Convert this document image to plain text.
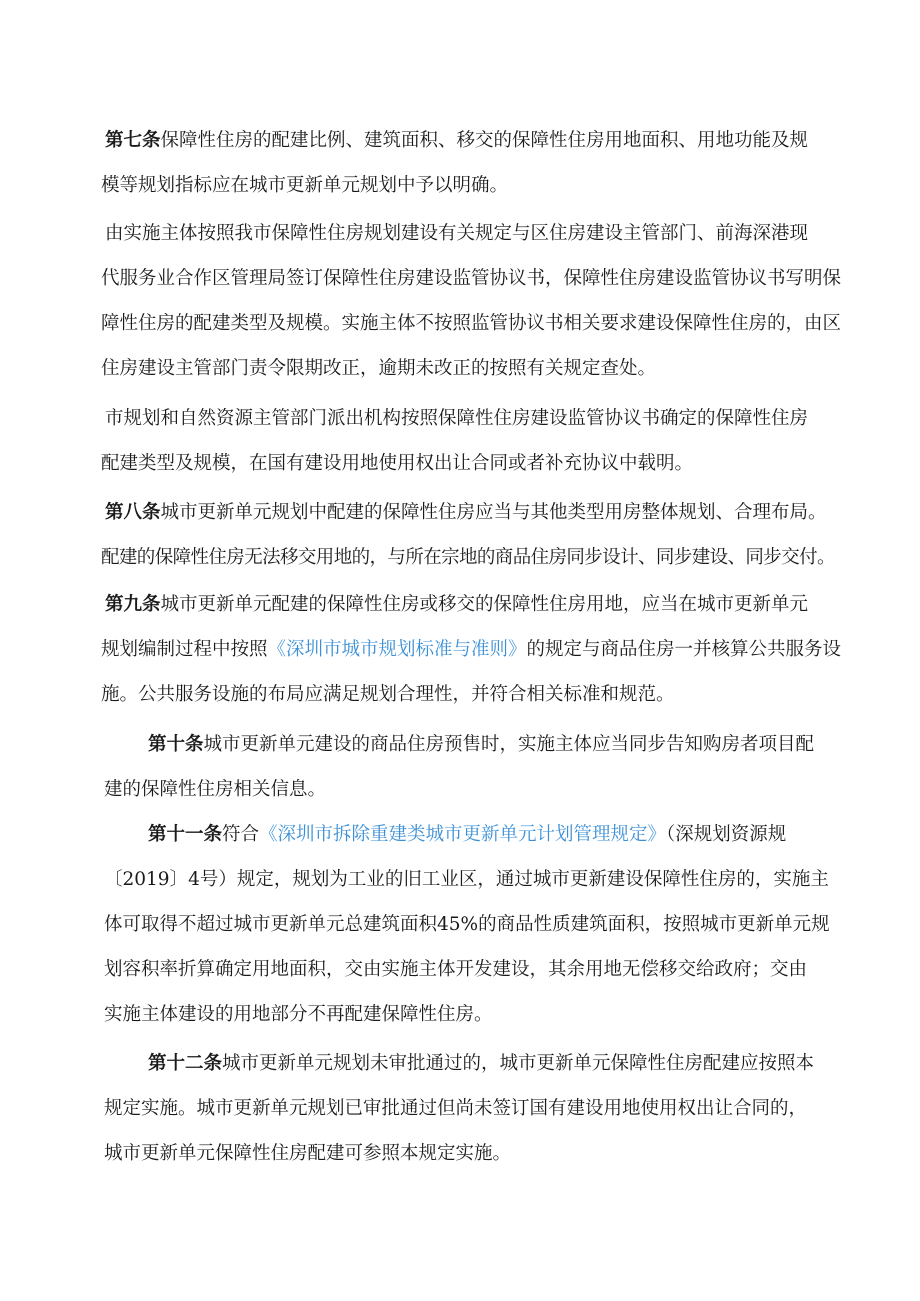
第七条保障性住房的配建比例、建筑面积、移交的保障性住房用地面积、用地功能及规
模等规划指标应在城市更新单元规划中予以明确。
由实施主体按照我市保障性住房规划建设有关规定与区住房建设主管部门、前海深港现
代服务业合作区管理局签订保障性住房建设监管协议书，保障性住房建设监管协议书写明保
障性住房的配建类型及规模。实施主体不按照监管协议书相关要求建设保障性住房的，由区
住房建设主管部门责令限期改正，逾期未改正的按照有关规定查处。
市规划和自然资源主管部门派出机构按照保障性住房建设监管协议书确定的保障性住房
配建类型及规模，在国有建设用地使用权出让合同或者补充协议中载明。
第八条城市更新单元规划中配建的保障性住房应当与其他类型用房整体规划、合理布局。
配建的保障性住房无法移交用地的，与所在宗地的商品住房同步设计、同步建设、同步交付。
第九条城市更新单元配建的保障性住房或移交的保障性住房用地，应当在城市更新单元
规划编制过程中按照《深圳市城市规划标准与准则》的规定与商品住房一并核算公共服务设
施。公共服务设施的布局应满足规划合理性，并符合相关标准和规范。
第十条城市更新单元建设的商品住房预售时，实施主体应当同步告知购房者项目配
建的保障性住房相关信息。
第十一条符合《深圳市拆除重建类城市更新单元计划管理规定》（深规划资源规
〔2019〕4号）规定，规划为工业的旧工业区，通过城市更新建设保障性住房的，实施主
体可取得不超过城市更新单元总建筑面积45%的商品性质建筑面积，按照城市更新单元规
划容积率折算确定用地面积，交由实施主体开发建设，其余用地无偿移交给政府；交由
实施主体建设的用地部分不再配建保障性住房。
第十二条城市更新单元规划未审批通过的，城市更新单元保障性住房配建应按照本
规定实施。城市更新单元规划已审批通过但尚未签订国有建设用地使用权出让合同的，
城市更新单元保障性住房配建可参照本规定实施。
